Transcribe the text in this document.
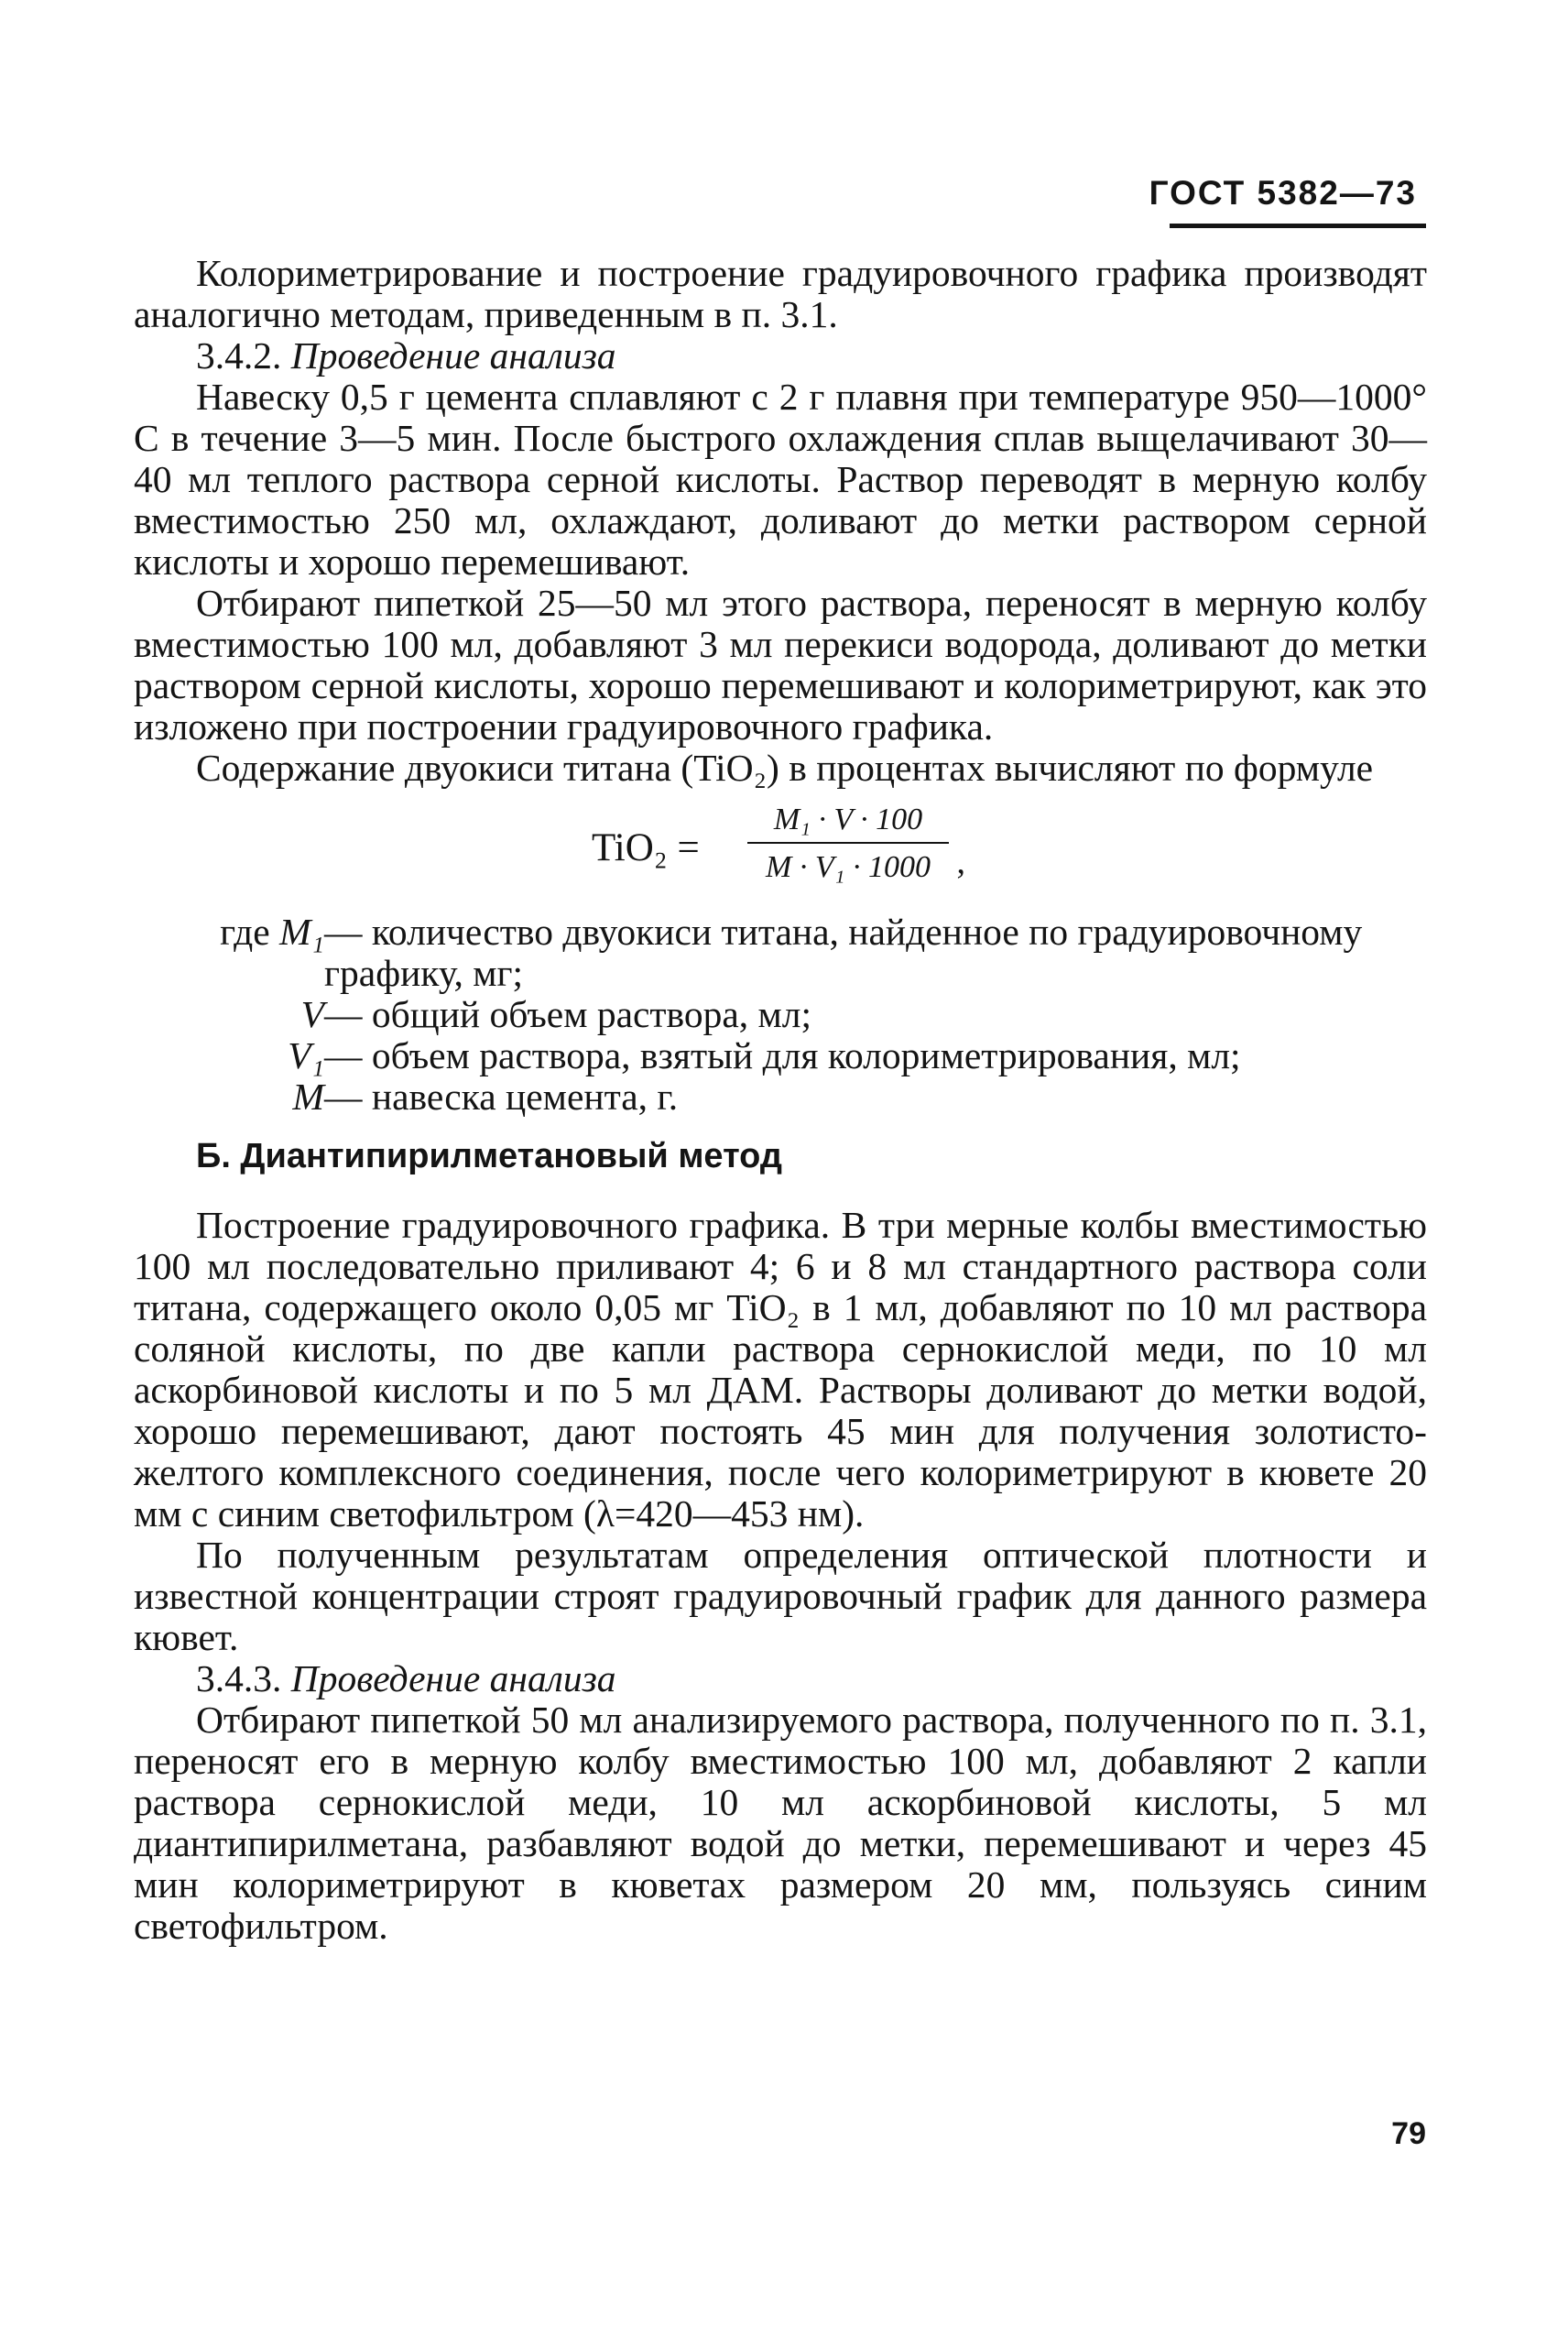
ГОСТ 5382—73

Колориметрирование и построение градуировочного графика производят аналогично методам, приведенным в п. 3.1.

3.4.2. Проведение анализа

Навеску 0,5 г цемента сплавляют с 2 г плавня при температуре 950—1000° С в течение 3—5 мин. После быстрого охлаждения сплав выщелачивают 30—40 мл теплого раствора серной кислоты. Раствор переводят в мерную колбу вместимостью 250 мл, охлаждают, доливают до метки раствором серной кислоты и хорошо перемешивают.

Отбирают пипеткой 25—50 мл этого раствора, переносят в мерную колбу вместимостью 100 мл, добавляют 3 мл перекиси водорода, доливают до метки раствором серной кислоты, хорошо перемешивают и колориметрируют, как это изложено при построении градуировочного графика.

Содержание двуокиси титана (TiO₂) в процентах вычисляют по формуле

TiO₂ =
M₁ · V · 100
M · V₁ · 1000 ,
где M₁ — количество двуокиси титана, найденное по градуировочному графику, мг;
V — общий объем раствора, мл;
V₁ — объем раствора, взятый для колориметрирования, мл;
M — навеска цемента, г.
Б. Диантипирилметановый метод

Построение градуировочного графика. В три мерные колбы вместимостью 100 мл последовательно приливают 4; 6 и 8 мл стандартного раствора соли титана, содержащего около 0,05 мг TiO₂ в 1 мл, добавляют по 10 мл раствора соляной кислоты, по две капли раствора сернокислой меди, по 10 мл аскорбиновой кислоты и по 5 мл ДАМ. Растворы доливают до метки водой, хорошо перемешивают, дают постоять 45 мин для получения золотисто-желтого комплексного соединения, после чего колориметрируют в кювете 20 мм с синим светофильтром (λ=420—453 нм).

По полученным результатам определения оптической плотности и известной концентрации строят градуировочный график для данного размера кювет.

3.4.3. Проведение анализа

Отбирают пипеткой 50 мл анализируемого раствора, полученного по п. 3.1, переносят его в мерную колбу вместимостью 100 мл, добавляют 2 капли раствора сернокислой меди, 10 мл аскорбиновой кислоты, 5 мл диантипирилметана, разбавляют водой до метки, перемешивают и через 45 мин колориметрируют в кюветах размером 20 мм, пользуясь синим светофильтром.

79
